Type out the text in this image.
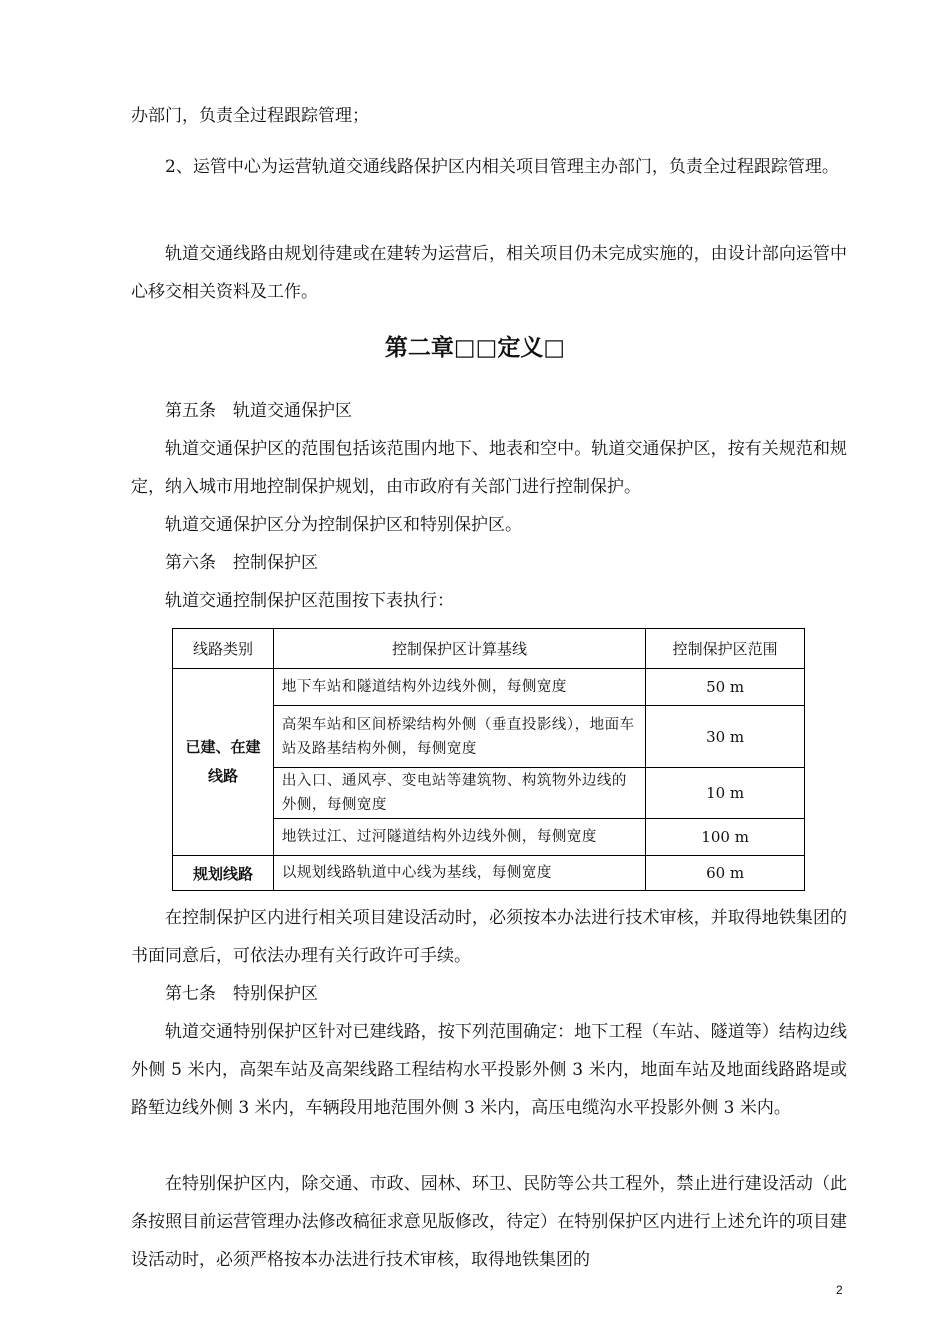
办部门，负责全过程跟踪管理；

2、运管中心为运营轨道交通线路保护区内相关项目管理主办部门，负责全过程跟踪管理。

轨道交通线路由规划待建或在建转为运营后，相关项目仍未完成实施的，由设计部向运管中心移交相关资料及工作。

第二章□□定义□

第五条　轨道交通保护区

轨道交通保护区的范围包括该范围内地下、地表和空中。轨道交通保护区，按有关规范和规定，纳入城市用地控制保护规划，由市政府有关部门进行控制保护。

轨道交通保护区分为控制保护区和特别保护区。

第六条　控制保护区

轨道交通控制保护区范围按下表执行：

线路类别	控制保护区计算基线	控制保护区范围

已建、在建线路	地下车站和隧道结构外边线外侧，每侧宽度	50 m
	高架车站和区间桥梁结构外侧（垂直投影线），地面车站及路基结构外侧，每侧宽度	30 m
	出入口、通风亭、变电站等建筑物、构筑物外边线的外侧，每侧宽度	10 m
	地铁过江、过河隧道结构外边线外侧，每侧宽度	100 m
规划线路	以规划线路轨道中心线为基线，每侧宽度	60 m

在控制保护区内进行相关项目建设活动时，必须按本办法进行技术审核，并取得地铁集团的书面同意后，可依法办理有关行政许可手续。

第七条　特别保护区

轨道交通特别保护区针对已建线路，按下列范围确定：地下工程（车站、隧道等）结构边线外侧 5 米内，高架车站及高架线路工程结构水平投影外侧 3 米内，地面车站及地面线路路堤或路堑边线外侧 3 米内，车辆段用地范围外侧 3 米内，高压电缆沟水平投影外侧 3 米内。

在特别保护区内，除交通、市政、园林、环卫、民防等公共工程外，禁止进行建设活动（此条按照目前运营管理办法修改稿征求意见版修改，待定）在特别保护区内进行上述允许的项目建设活动时，必须严格按本办法进行技术审核，取得地铁集团的

2
